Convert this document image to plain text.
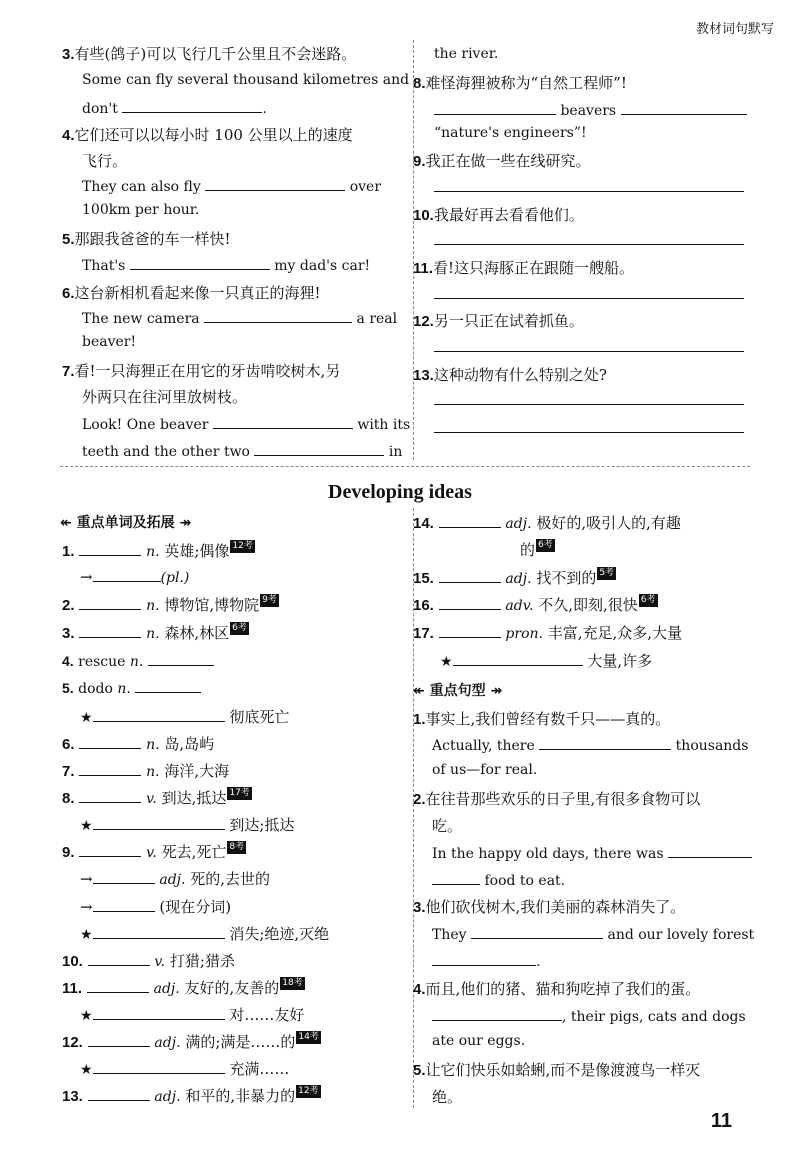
教材词句默写
3.有些(鸽子)可以飞行几千公里且不会迷路。
Some can fly several thousand kilometres and
don't	.
4.它们还可以以每小时 100 公里以上的速度
飞行。
They can also fly	over
100km per hour.
5.那跟我爸爸的车一样快!
That's	my dad's car!
6.这台新相机看起来像一只真正的海狸!
The new camera	a real
beaver!
7.看!一只海狸正在用它的牙齿啃咬树木,另
外两只在往河里放树枝。
Look! One beaver	with its
teeth and the other two	in
the river.
8.难怪海狸被称为“自然工程师”!
beavers
“nature's engineers”!
9.我正在做一些在线研究。
10.我最好再去看看他们。
11.看!这只海豚正在跟随一艘船。
12.另一只正在试着抓鱼。
13.这种动物有什么特别之处?
Developing ideas
↞ 重点单词及拓展 ↠
1.	n. 英雄;偶像 12考
→	(pl.)
2.	n. 博物馆,博物院 9考
3.	n. 森林,林区 6考
4. rescue n.
5. dodo n.
★	彻底死亡
6.	n. 岛,岛屿
7.	n. 海洋,大海
8.	v. 到达,抵达 17考
★	到达;抵达
9.	v. 死去,死亡 8考
→	adj. 死的,去世的
→	(现在分词)
★	消失;绝迹,灭绝
10.	v. 打猎;猎杀
11.	adj. 友好的,友善的 18考
★	对……友好
12.	adj. 满的;满是……的 14考
★	充满……
13.	adj. 和平的,非暴力的 12考
14.	adj. 极好的,吸引人的,有趣
的 6考
15.	adj. 找不到的 5考
16.	adv. 不久,即刻,很快 6考
17.	pron. 丰富,充足,众多,大量
★	大量,许多
↞ 重点句型 ↠
1.事实上,我们曾经有数千只——真的。
Actually, there	thousands
of us—for real.
2.在往昔那些欢乐的日子里,有很多食物可以
吃。
In the happy old days, there was
food to eat.
3.他们砍伐树木,我们美丽的森林消失了。
They	and our lovely forest
.
4.而且,他们的猪、猫和狗吃掉了我们的蛋。
, their pigs, cats and dogs
ate our eggs.
5.让它们快乐如蛤蜊,而不是像渡渡鸟一样灭
绝。
11
